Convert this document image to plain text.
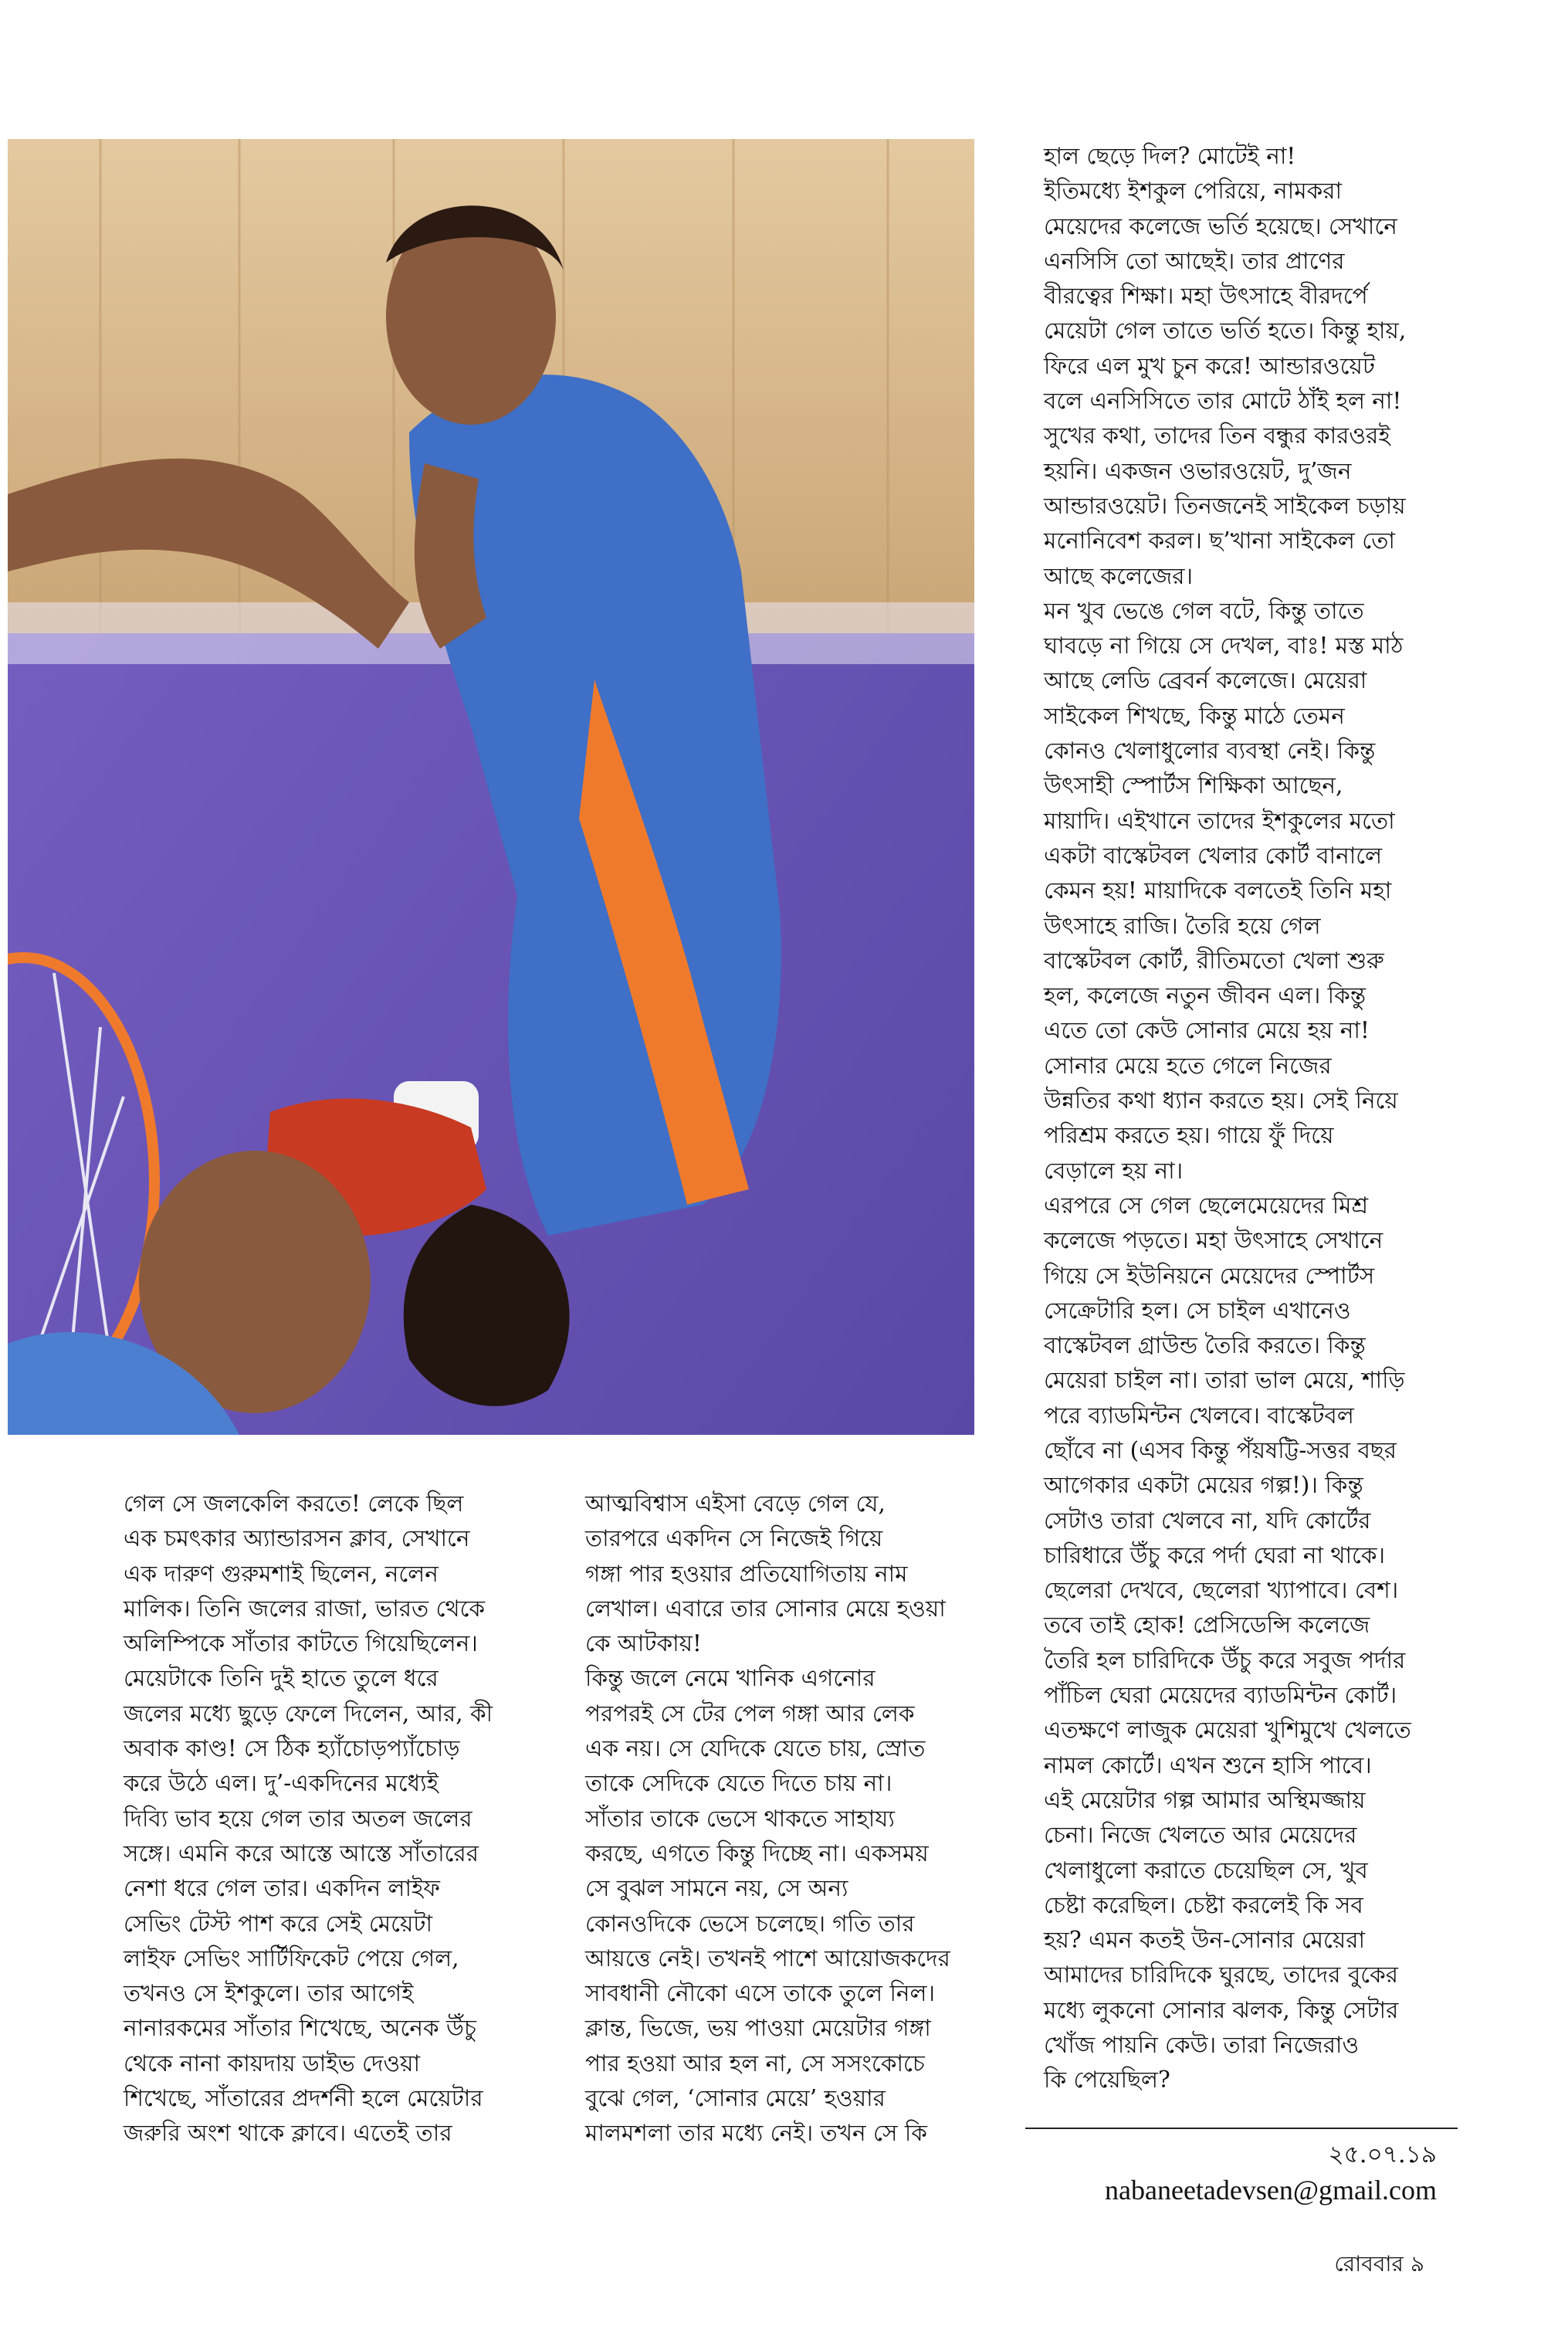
হাল ছেড়ে দিল? মোটেই না!
ইতিমধ্যে ইশকুল পেরিয়ে, নামকরা
মেয়েদের কলেজে ভর্তি হয়েছে। সেখানে
এনসিসি তো আছেই। তার প্রাণের
বীরত্বের শিক্ষা। মহা উৎসাহে বীরদর্পে
মেয়েটা গেল তাতে ভর্তি হতে। কিন্তু হায়,
ফিরে এল মুখ চুন করে! আন্ডারওয়েট
বলে এনসিসিতে তার মোটে ঠাঁই হল না!
সুখের কথা, তাদের তিন বন্ধুর কারওরই
হয়নি। একজন ওভারওয়েট, দু’জন
আন্ডারওয়েট। তিনজনেই সাইকেল চড়ায়
মনোনিবেশ করল। ছ’খানা সাইকেল তো
আছে কলেজের।
মন খুব ভেঙে গেল বটে, কিন্তু তাতে
ঘাবড়ে না গিয়ে সে দেখল, বাঃ! মস্ত মাঠ
আছে লেডি ব্রেবর্ন কলেজে। মেয়েরা
সাইকেল শিখছে, কিন্তু মাঠে তেমন
কোনও খেলাধুলোর ব্যবস্থা নেই। কিন্তু
উৎসাহী স্পোর্টস শিক্ষিকা আছেন,
মায়াদি। এইখানে তাদের ইশকুলের মতো
একটা বাস্কেটবল খেলার কোর্ট বানালে
কেমন হয়! মায়াদিকে বলতেই তিনি মহা
উৎসাহে রাজি। তৈরি হয়ে গেল
বাস্কেটবল কোর্ট, রীতিমতো খেলা শুরু
হল, কলেজে নতুন জীবন এল। কিন্তু
এতে তো কেউ সোনার মেয়ে হয় না!
সোনার মেয়ে হতে গেলে নিজের
উন্নতির কথা ধ্যান করতে হয়। সেই নিয়ে
পরিশ্রম করতে হয়। গায়ে ফুঁ দিয়ে
বেড়ালে হয় না।
এরপরে সে গেল ছেলেমেয়েদের মিশ্র
কলেজে পড়তে। মহা উৎসাহে সেখানে
গিয়ে সে ইউনিয়নে মেয়েদের স্পোর্টস
সেক্রেটারি হল। সে চাইল এখানেও
বাস্কেটবল গ্রাউন্ড তৈরি করতে। কিন্তু
মেয়েরা চাইল না। তারা ভাল মেয়ে, শাড়ি
পরে ব্যাডমিন্টন খেলবে। বাস্কেটবল
ছোঁবে না (এসব কিন্তু পঁয়ষট্টি-সত্তর বছর
আগেকার একটা মেয়ের গল্প!)। কিন্তু
সেটাও তারা খেলবে না, যদি কোর্টের
চারিধারে উঁচু করে পর্দা ঘেরা না থাকে।
ছেলেরা দেখবে, ছেলেরা খ্যাপাবে। বেশ।
তবে তাই হোক! প্রেসিডেন্সি কলেজে
তৈরি হল চারিদিকে উঁচু করে সবুজ পর্দার
পাঁচিল ঘেরা মেয়েদের ব্যাডমিন্টন কোর্ট।
এতক্ষণে লাজুক মেয়েরা খুশিমুখে খেলতে
নামল কোর্টে। এখন শুনে হাসি পাবে।
এই মেয়েটার গল্প আমার অস্থিমজ্জায়
চেনা। নিজে খেলতে আর মেয়েদের
খেলাধুলো করাতে চেয়েছিল সে, খুব
চেষ্টা করেছিল। চেষ্টা করলেই কি সব
হয়? এমন কতই উন-সোনার মেয়েরা
আমাদের চারিদিকে ঘুরছে, তাদের বুকের
মধ্যে লুকনো সোনার ঝলক, কিন্তু সেটার
খোঁজ পায়নি কেউ। তারা নিজেরাও
কি পেয়েছিল?
গেল সে জলকেলি করতে! লেকে ছিল
এক চমৎকার অ্যান্ডারসন ক্লাব, সেখানে
এক দারুণ গুরুমশাই ছিলেন, নলেন
মালিক। তিনি জলের রাজা, ভারত থেকে
অলিম্পিকে সাঁতার কাটতে গিয়েছিলেন।
মেয়েটাকে তিনি দুই হাতে তুলে ধরে
জলের মধ্যে ছুড়ে ফেলে দিলেন, আর, কী
অবাক কাণ্ড! সে ঠিক হ্যাঁচোড়প্যাঁচোড়
করে উঠে এল। দু’-একদিনের মধ্যেই
দিব্যি ভাব হয়ে গেল তার অতল জলের
সঙ্গে। এমনি করে আস্তে আস্তে সাঁতারের
নেশা ধরে গেল তার। একদিন লাইফ
সেভিং টেস্ট পাশ করে সেই মেয়েটা
লাইফ সেভিং সার্টিফিকেট পেয়ে গেল,
তখনও সে ইশকুলে। তার আগেই
নানারকমের সাঁতার শিখেছে, অনেক উঁচু
থেকে নানা কায়দায় ডাইভ দেওয়া
শিখেছে, সাঁতারের প্রদর্শনী হলে মেয়েটার
জরুরি অংশ থাকে ক্লাবে। এতেই তার
আত্মবিশ্বাস এইসা বেড়ে গেল যে,
তারপরে একদিন সে নিজেই গিয়ে
গঙ্গা পার হওয়ার প্রতিযোগিতায় নাম
লেখাল। এবারে তার সোনার মেয়ে হওয়া
কে আটকায়!
কিন্তু জলে নেমে খানিক এগনোর
পরপরই সে টের পেল গঙ্গা আর লেক
এক নয়। সে যেদিকে যেতে চায়, স্রোত
তাকে সেদিকে যেতে দিতে চায় না।
সাঁতার তাকে ভেসে থাকতে সাহায্য
করছে, এগতে কিন্তু দিচ্ছে না। একসময়
সে বুঝল সামনে নয়, সে অন্য
কোনওদিকে ভেসে চলেছে। গতি তার
আয়ত্তে নেই। তখনই পাশে আয়োজকদের
সাবধানী নৌকো এসে তাকে তুলে নিল।
ক্লান্ত, ভিজে, ভয় পাওয়া মেয়েটার গঙ্গা
পার হওয়া আর হল না, সে সসংকোচে
বুঝে গেল, ‘সোনার মেয়ে’ হওয়ার
মালমশলা তার মধ্যে নেই। তখন সে কি
২৫.০৭.১৯
nabaneetadevsen@gmail.com
রোববার ৯
